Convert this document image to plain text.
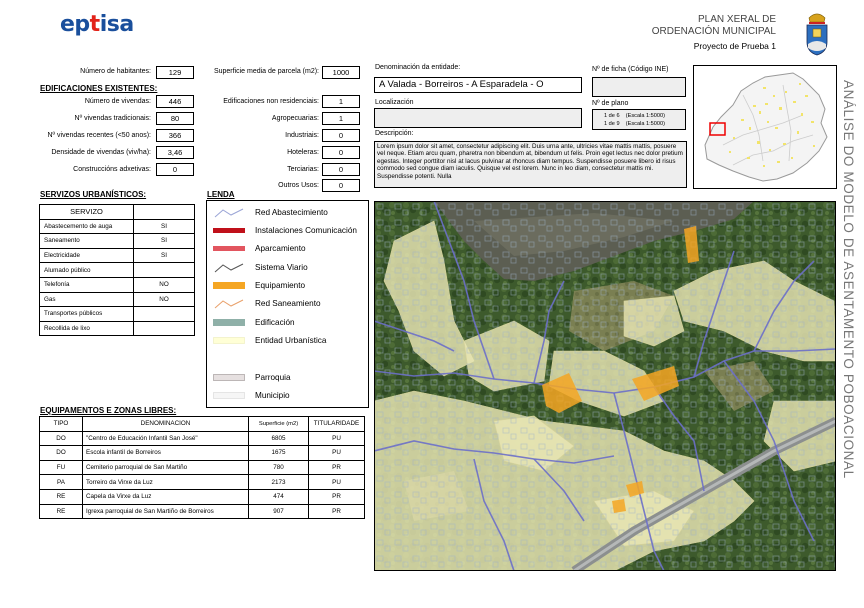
eptisa	PLAN XERAL DE
ORDENACIÓN MUNICIPAL
Proyecto de Prueba 1
ANÁLISE DO MODELO DE ASENTAMENTO POBOACIONAL
Número de habitantes:	129
EDIFICACIONES EXISTENTES:
Número de vivendas:	446
Nº vivendas tradicionais:	80
Nº vivendas recentes (<50 anos):	366
Densidade de vivendas (viv/ha):	3,46
Construccións adxetivas:	0
Superficie media de parcela (m2):	1000
Edificaciones non residenciais:	1
Agropecuarias:	1
Industriais:	0
Hoteleras:	0
Terciarias:	0
Outros Usos:	0
Denominación da entidade:
A Valada - Borreiros - A Esparadela - O
Localización
Descripción:
Lorem ipsum dolor sit amet, consectetur adipiscing elit. Duis urna ante, ultricies vitae mattis mattis, posuere vel neque. Etiam arcu quam, pharetra non bibendum at, bibendum ut felis. Proin eget lectus nec dolor pretium egestas. Integer porttitor nisl at lacus pulvinar at rhoncus diam tempus. Suspendisse posuere libero id risus commodo sed congue diam iaculis. Quisque vel est lorem. Nunc in leo diam, consectetur mattis mi. Suspendisse potenti. Nulla
Nº de ficha (Código INE)
Nº de plano
1 de 6 (Escala 1:5000)
1 de 9 (Escala 1:5000)
SERVIZOS URBANÍSTICOS:
SERVIZO	
Abastecemento de auga	SI
Saneamento	SI
Electricidade	SI
Alumado público	
Telefonía	NO
Gas	NO
Transportes públicos	
Recollida de lixo	
LENDA
Red Abastecimiento
Instalaciones Comunicación
Aparcamiento
Sistema Viario
Equipamiento
Red Saneamiento
Edificación
Entidad Urbanística
Parroquia
Municipio
EQUIPAMENTOS E ZONAS LIBRES:
TIPO	DENOMINACION	Superficie (m2)	TITULARIDADE
DO	"Centro de Educación Infantil San José"	6805	PU
DO	Escola infantil de Borreiros	1675	PU
FU	Cemiterio parroquial de San Martiño	780	PR
PA	Torreiro da Virxe da Luz	2173	PU
RE	Capela da Virxe da Luz	474	PR
RE	Igrexa parroquial de San Martiño de Borreiros	907	PR
